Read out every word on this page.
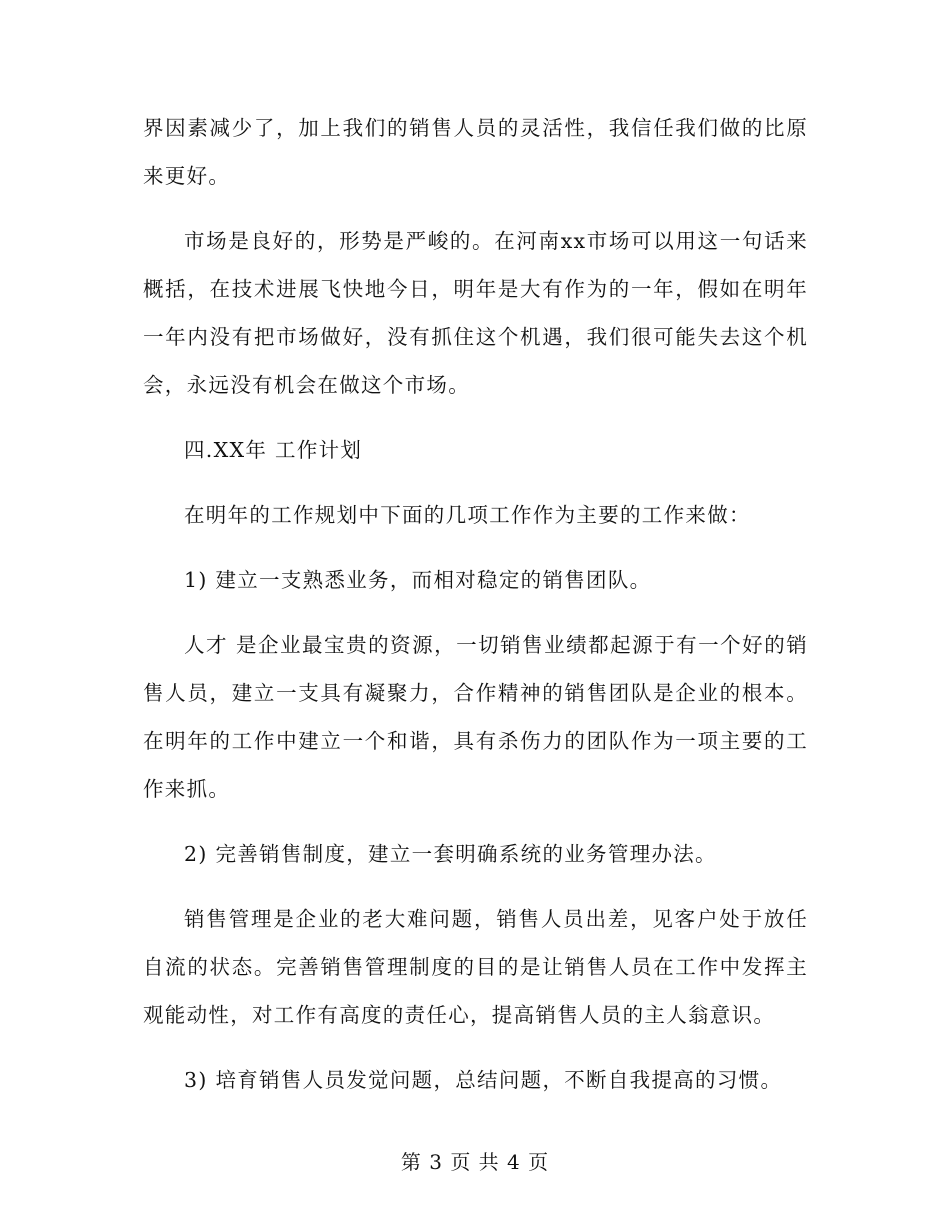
界因素减少了，加上我们的销售人员的灵活性，我信任我们做的比原来更好。

市场是良好的，形势是严峻的。在河南xx市场可以用这一句话来概括，在技术进展飞快地今日，明年是大有作为的一年，假如在明年一年内没有把市场做好，没有抓住这个机遇，我们很可能失去这个机会，永远没有机会在做这个市场。

四.XX年 工作计划

在明年的工作规划中下面的几项工作作为主要的工作来做：

1) 建立一支熟悉业务，而相对稳定的销售团队。

人才 是企业最宝贵的资源，一切销售业绩都起源于有一个好的销售人员，建立一支具有凝聚力，合作精神的销售团队是企业的根本。在明年的工作中建立一个和谐，具有杀伤力的团队作为一项主要的工作来抓。

2) 完善销售制度，建立一套明确系统的业务管理办法。

销售管理是企业的老大难问题，销售人员出差，见客户处于放任自流的状态。完善销售管理制度的目的是让销售人员在工作中发挥主观能动性，对工作有高度的责任心，提高销售人员的主人翁意识。

3) 培育销售人员发觉问题，总结问题，不断自我提高的习惯。

第 3 页 共 4 页
